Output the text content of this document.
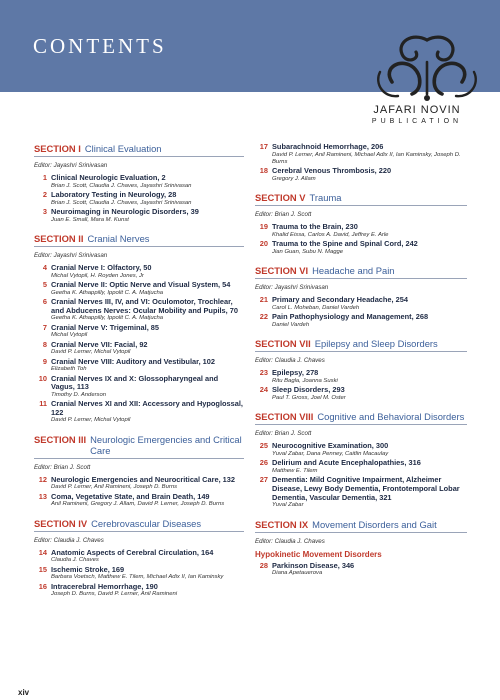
CONTENTS
JAFARI NOVIN
PUBLICATION
SECTION I Clinical Evaluation
Editor: Jayashri Srinivasan
1 Clinical Neurologic Evaluation, 2
Brian J. Scott, Claudia J. Chaves, Jayashri Srinivasan
2 Laboratory Testing in Neurology, 28
Brian J. Scott, Claudia J. Chaves, Jayashri Srinivasan
3 Neuroimaging in Neurologic Disorders, 39
Juan E. Small, Mara M. Kunst
SECTION II Cranial Nerves
Editor: Jayashri Srinivasan
4 Cranial Nerve I: Olfactory, 50
Michal Vytopil, H. Royden Jones, Jr
5 Cranial Nerve II: Optic Nerve and Visual System, 54
Geetha K. Athappilly, Ippolit C. A. Matjucha
6 Cranial Nerves III, IV, and VI: Oculomotor, Trochlear, and Abducens Nerves: Ocular Mobility and Pupils, 70
Geetha K. Athappilly, Ippolit C. A. Matjucha
7 Cranial Nerve V: Trigeminal, 85
Michal Vytopil
8 Cranial Nerve VII: Facial, 92
David P. Lerner, Michal Vytopil
9 Cranial Nerve VIII: Auditory and Vestibular, 102
Elizabeth Toh
10 Cranial Nerves IX and X: Glossopharyngeal and Vagus, 113
Timothy D. Anderson
11 Cranial Nerves XI and XII: Accessory and Hypoglossal, 122
David P. Lerner, Michal Vytopil
SECTION III Neurologic Emergencies and Critical Care
Editor: Brian J. Scott
12 Neurologic Emergencies and Neurocritical Care, 132
David P. Lerner, Anil Ramineni, Joseph D. Burns
13 Coma, Vegetative State, and Brain Death, 149
Anil Ramineni, Gregory J. Allam, David P. Lerner, Joseph D. Burns
SECTION IV Cerebrovascular Diseases
Editor: Claudia J. Chaves
14 Anatomic Aspects of Cerebral Circulation, 164
Claudia J. Chaves
15 Ischemic Stroke, 169
Barbara Voetsch, Matthew E. Tilem, Michael Adix II, Ian Kaminsky
16 Intracerebral Hemorrhage, 190
Joseph D. Burns, David P. Lerner, Anil Ramineni
17 Subarachnoid Hemorrhage, 206
David P. Lerner, Anil Ramineni, Michael Adix II, Ian Kaminsky, Joseph D. Burns
18 Cerebral Venous Thrombosis, 220
Gregory J. Allam
SECTION V Trauma
Editor: Brian J. Scott
19 Trauma to the Brain, 230
Khalid Eissa, Carlos A. David, Jeffrey E. Arle
20 Trauma to the Spine and Spinal Cord, 242
Jian Guan, Subu N. Magge
SECTION VI Headache and Pain
Editor: Jayashri Srinivasan
21 Primary and Secondary Headache, 254
Carol L. Moheban, Daniel Vardeh
22 Pain Pathophysiology and Management, 268
Daniel Vardeh
SECTION VII Epilepsy and Sleep Disorders
Editor: Claudia J. Chaves
23 Epilepsy, 278
Ritu Bagla, Joanna Suski
24 Sleep Disorders, 293
Paul T. Gross, Joel M. Oster
SECTION VIII Cognitive and Behavioral Disorders
Editor: Brian J. Scott
25 Neurocognitive Examination, 300
Yuval Zabar, Dana Penney, Caitlin Macaulay
26 Delirium and Acute Encephalopathies, 316
Matthew E. Tilem
27 Dementia: Mild Cognitive Impairment, Alzheimer Disease, Lewy Body Dementia, Frontotemporal Lobar Dementia, Vascular Dementia, 321
Yuval Zabar
SECTION IX Movement Disorders and Gait
Editor: Claudia J. Chaves
Hypokinetic Movement Disorders
28 Parkinson Disease, 346
Diana Apetauerova
xiv
